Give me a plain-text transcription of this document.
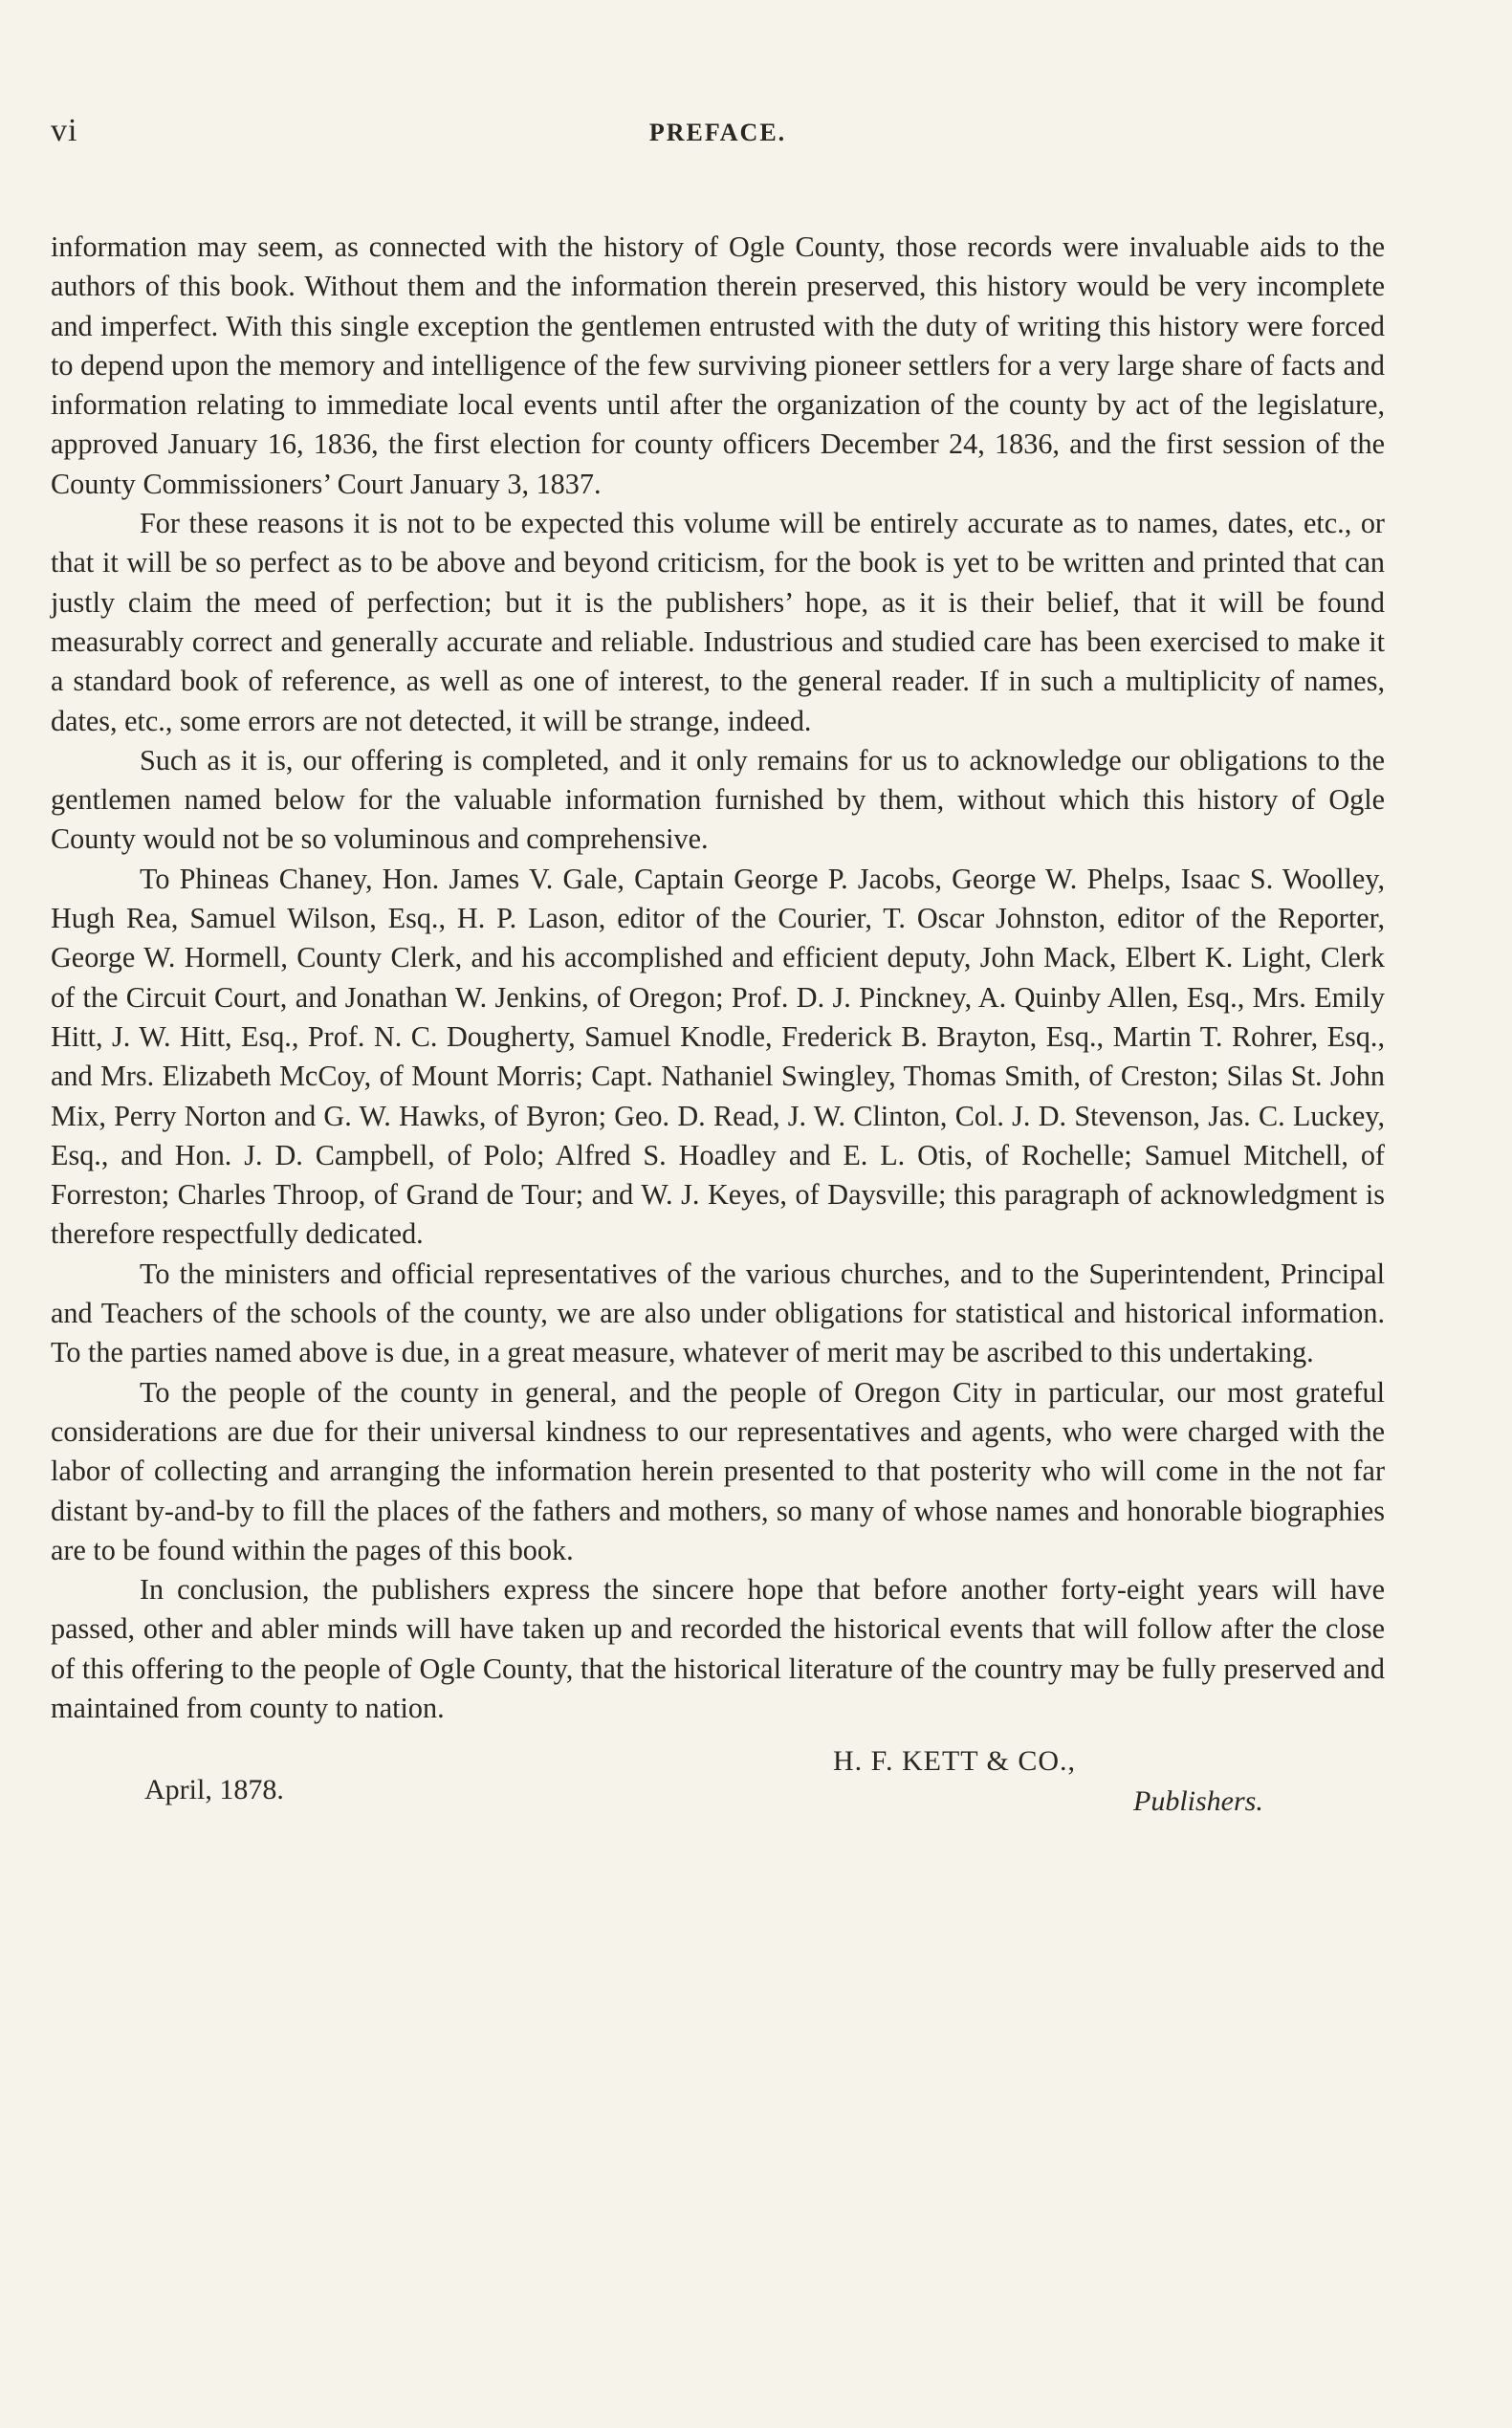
vi	PREFACE.

information may seem, as connected with the history of Ogle County, those records were invaluable aids to the authors of this book. Without them and the information therein preserved, this history would be very incomplete and imperfect. With this single exception the gentlemen entrusted with the duty of writing this history were forced to depend upon the memory and intelligence of the few surviving pioneer settlers for a very large share of facts and information relating to immediate local events until after the organization of the county by act of the legislature, approved January 16, 1836, the first election for county officers December 24, 1836, and the first session of the County Commissioners’ Court January 3, 1837.

For these reasons it is not to be expected this volume will be entirely accurate as to names, dates, etc., or that it will be so perfect as to be above and beyond criticism, for the book is yet to be written and printed that can justly claim the meed of perfection; but it is the publishers’ hope, as it is their belief, that it will be found measurably correct and generally accurate and reliable. Industrious and studied care has been exercised to make it a standard book of reference, as well as one of interest, to the general reader. If in such a multiplicity of names, dates, etc., some errors are not detected, it will be strange, indeed.

Such as it is, our offering is completed, and it only remains for us to acknowledge our obligations to the gentlemen named below for the valuable information furnished by them, without which this history of Ogle County would not be so voluminous and comprehensive.

To Phineas Chaney, Hon. James V. Gale, Captain George P. Jacobs, George W. Phelps, Isaac S. Woolley, Hugh Rea, Samuel Wilson, Esq., H. P. Lason, editor of the Courier, T. Oscar Johnston, editor of the Reporter, George W. Hormell, County Clerk, and his accomplished and efficient deputy, John Mack, Elbert K. Light, Clerk of the Circuit Court, and Jonathan W. Jenkins, of Oregon; Prof. D. J. Pinckney, A. Quinby Allen, Esq., Mrs. Emily Hitt, J. W. Hitt, Esq., Prof. N. C. Dougherty, Samuel Knodle, Frederick B. Brayton, Esq., Martin T. Rohrer, Esq., and Mrs. Elizabeth McCoy, of Mount Morris; Capt. Nathaniel Swingley, Thomas Smith, of Creston; Silas St. John Mix, Perry Norton and G. W. Hawks, of Byron; Geo. D. Read, J. W. Clinton, Col. J. D. Stevenson, Jas. C. Luckey, Esq., and Hon. J. D. Campbell, of Polo; Alfred S. Hoadley and E. L. Otis, of Rochelle; Samuel Mitchell, of Forreston; Charles Throop, of Grand de Tour; and W. J. Keyes, of Daysville; this paragraph of acknowledgment is therefore respectfully dedicated.

To the ministers and official representatives of the various churches, and to the Superintendent, Principal and Teachers of the schools of the county, we are also under obligations for statistical and historical information. To the parties named above is due, in a great measure, whatever of merit may be ascribed to this undertaking.

To the people of the county in general, and the people of Oregon City in particular, our most grateful considerations are due for their universal kindness to our representatives and agents, who were charged with the labor of collecting and arranging the information herein presented to that posterity who will come in the not far distant by-and-by to fill the places of the fathers and mothers, so many of whose names and honorable biographies are to be found within the pages of this book.

In conclusion, the publishers express the sincere hope that before another forty-eight years will have passed, other and abler minds will have taken up and recorded the historical events that will follow after the close of this offering to the people of Ogle County, that the historical literature of the country may be fully preserved and maintained from county to nation.

April, 1878.
H. F. KETT & CO.,
Publishers.
